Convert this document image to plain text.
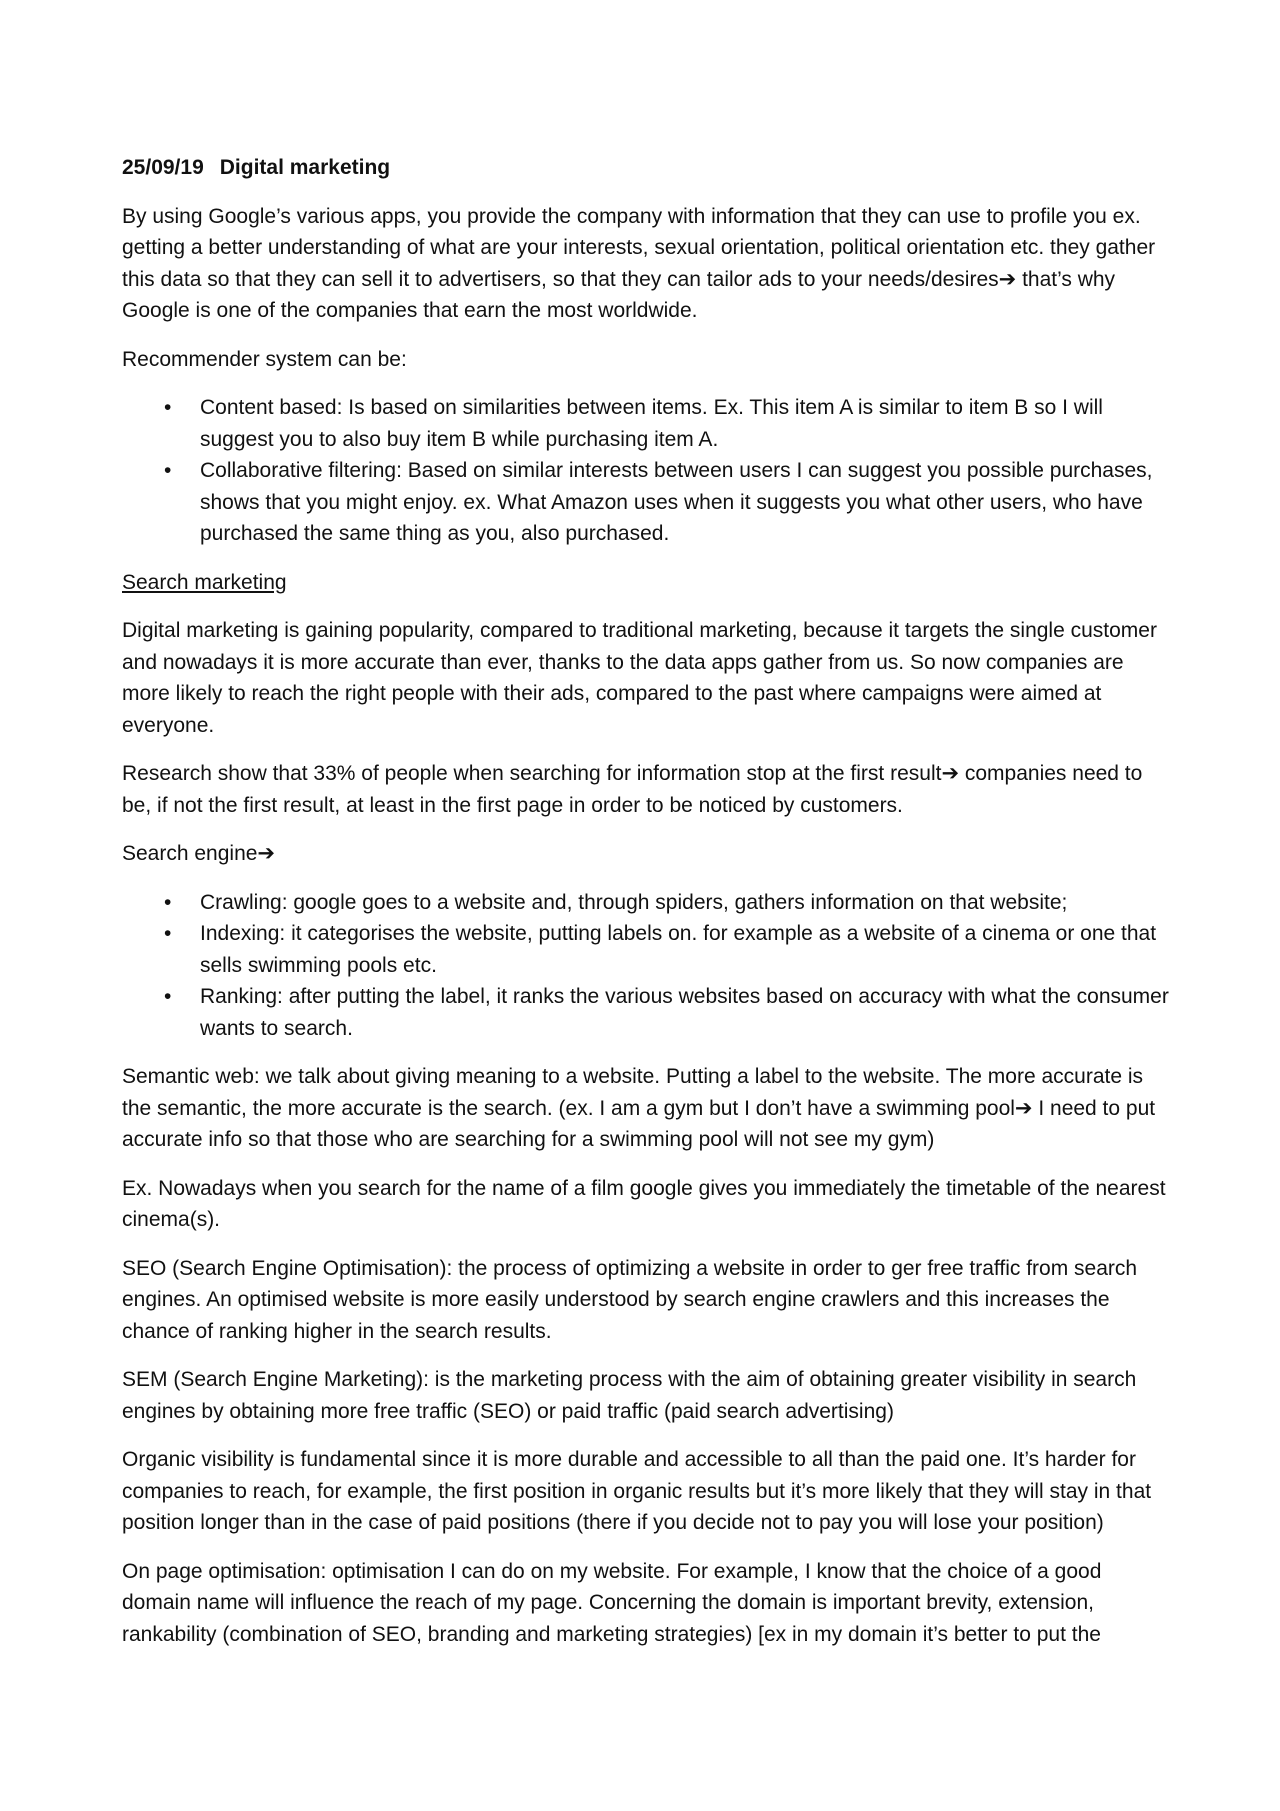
25/09/19 Digital marketing

By using Google’s various apps, you provide the company with information that they can use to profile you ex. getting a better understanding of what are your interests, sexual orientation, political orientation etc. they gather this data so that they can sell it to advertisers, so that they can tailor ads to your needs/desires➔ that’s why Google is one of the companies that earn the most worldwide.

Recommender system can be:

• Content based: Is based on similarities between items. Ex. This item A is similar to item B so I will suggest you to also buy item B while purchasing item A.
• Collaborative filtering: Based on similar interests between users I can suggest you possible purchases, shows that you might enjoy. ex. What Amazon uses when it suggests you what other users, who have purchased the same thing as you, also purchased.

Search marketing

Digital marketing is gaining popularity, compared to traditional marketing, because it targets the single customer and nowadays it is more accurate than ever, thanks to the data apps gather from us. So now companies are more likely to reach the right people with their ads, compared to the past where campaigns were aimed at everyone.

Research show that 33% of people when searching for information stop at the first result➔ companies need to be, if not the first result, at least in the first page in order to be noticed by customers.

Search engine➔

• Crawling: google goes to a website and, through spiders, gathers information on that website;
• Indexing: it categorises the website, putting labels on. for example as a website of a cinema or one that sells swimming pools etc.
• Ranking: after putting the label, it ranks the various websites based on accuracy with what the consumer wants to search.

Semantic web: we talk about giving meaning to a website. Putting a label to the website. The more accurate is the semantic, the more accurate is the search. (ex. I am a gym but I don’t have a swimming pool➔ I need to put accurate info so that those who are searching for a swimming pool will not see my gym)

Ex. Nowadays when you search for the name of a film google gives you immediately the timetable of the nearest cinema(s).

SEO (Search Engine Optimisation): the process of optimizing a website in order to ger free traffic from search engines. An optimised website is more easily understood by search engine crawlers and this increases the chance of ranking higher in the search results.

SEM (Search Engine Marketing): is the marketing process with the aim of obtaining greater visibility in search engines by obtaining more free traffic (SEO) or paid traffic (paid search advertising)

Organic visibility is fundamental since it is more durable and accessible to all than the paid one. It’s harder for companies to reach, for example, the first position in organic results but it’s more likely that they will stay in that position longer than in the case of paid positions (there if you decide not to pay you will lose your position)

On page optimisation: optimisation I can do on my website. For example, I know that the choice of a good domain name will influence the reach of my page. Concerning the domain is important brevity, extension, rankability (combination of SEO, branding and marketing strategies) [ex in my domain it’s better to put the
